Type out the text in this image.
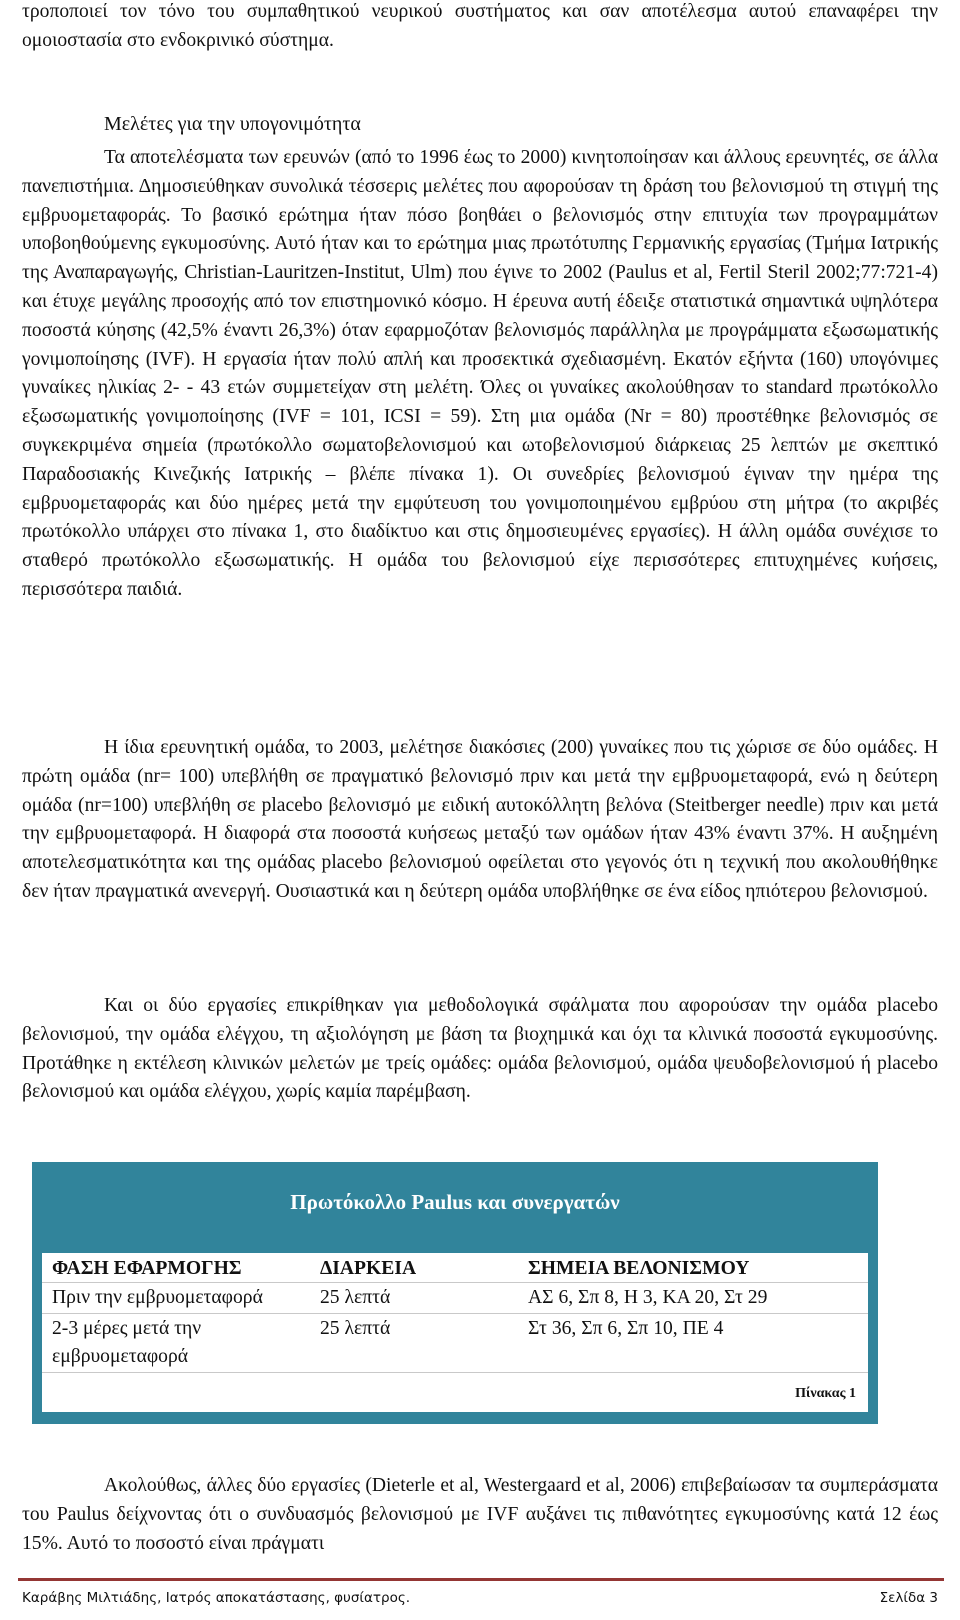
τροποποιεί τον τόνο του συμπαθητικού νευρικού συστήματος και σαν αποτέλεσμα αυτού επαναφέρει την ομοιοστασία στο ενδοκρινικό σύστημα.

Μελέτες για την υπογονιμότητα

Τα αποτελέσματα των ερευνών (από το 1996 έως το 2000) κινητοποίησαν και άλλους ερευνητές, σε άλλα πανεπιστήμια. Δημοσιεύθηκαν συνολικά τέσσερις μελέτες που αφορούσαν τη δράση του βελονισμού τη στιγμή της εμβρυομεταφοράς. Το βασικό ερώτημα ήταν πόσο βοηθάει ο βελονισμός στην επιτυχία των προγραμμάτων υποβοηθούμενης εγκυμοσύνης. Αυτό ήταν και το ερώτημα μιας πρωτότυπης Γερμανικής εργασίας (Τμήμα Ιατρικής της Αναπαραγωγής, Christian-Lauritzen-Institut, Ulm) που έγινε το 2002 (Paulus et al, Fertil Steril 2002;77:721-4) και έτυχε μεγάλης προσοχής από τον επιστημονικό κόσμο. Η έρευνα αυτή έδειξε στατιστικά σημαντικά υψηλότερα ποσοστά κύησης (42,5% έναντι 26,3%) όταν εφαρμοζόταν βελονισμός παράλληλα με προγράμματα εξωσωματικής γονιμοποίησης (IVF). Η εργασία ήταν πολύ απλή και προσεκτικά σχεδιασμένη. Εκατόν εξήντα (160) υπογόνιμες γυναίκες ηλικίας 2- - 43 ετών συμμετείχαν στη μελέτη. Όλες οι γυναίκες ακολούθησαν το standard πρωτόκολλο εξωσωματικής γονιμοποίησης (IVF = 101, ICSI = 59). Στη μια ομάδα (Nr = 80) προστέθηκε βελονισμός σε συγκεκριμένα σημεία (πρωτόκολλο σωματοβελονισμού και ωτοβελονισμού διάρκειας 25 λεπτών με σκεπτικό Παραδοσιακής Κινεζικής Ιατρικής – βλέπε πίνακα 1). Οι συνεδρίες βελονισμού έγιναν την ημέρα της εμβρυομεταφοράς και δύο ημέρες μετά την εμφύτευση του γονιμοποιημένου εμβρύου στη μήτρα (το ακριβές πρωτόκολλο υπάρχει στο πίνακα 1, στο διαδίκτυο και στις δημοσιευμένες εργασίες). Η άλλη ομάδα συνέχισε το σταθερό πρωτόκολλο εξωσωματικής. Η ομάδα του βελονισμού είχε περισσότερες επιτυχημένες κυήσεις, περισσότερα παιδιά.

Η ίδια ερευνητική ομάδα, το 2003, μελέτησε διακόσιες (200) γυναίκες που τις χώρισε σε δύο ομάδες. Η πρώτη ομάδα (nr= 100) υπεβλήθη σε πραγματικό βελονισμό πριν και μετά την εμβρυομεταφορά, ενώ η δεύτερη ομάδα (nr=100) υπεβλήθη σε placebo βελονισμό με ειδική αυτοκόλλητη βελόνα (Steitberger needle) πριν και μετά την εμβρυομεταφορά. Η διαφορά στα ποσοστά κυήσεως μεταξύ των ομάδων ήταν 43% έναντι 37%. Η αυξημένη αποτελεσματικότητα και της ομάδας placebo βελονισμού οφείλεται στο γεγονός ότι η τεχνική που ακολουθήθηκε δεν ήταν πραγματικά ανενεργή. Ουσιαστικά και η δεύτερη ομάδα υποβλήθηκε σε ένα είδος ηπιότερου βελονισμού.

Και οι δύο εργασίες επικρίθηκαν για μεθοδολογικά σφάλματα που αφορούσαν την ομάδα placebo βελονισμού, την ομάδα ελέγχου, τη αξιολόγηση με βάση τα βιοχημικά και όχι τα κλινικά ποσοστά εγκυμοσύνης. Προτάθηκε η εκτέλεση κλινικών μελετών με τρείς ομάδες: ομάδα βελονισμού, ομάδα ψευδοβελονισμού ή placebo βελονισμού και ομάδα ελέγχου, χωρίς καμία παρέμβαση.

Πρωτόκολλο Paulus και συνεργατών
ΦΑΣΗ ΕΦΑΡΜΟΓΗΣ	ΔΙΑΡΚΕΙΑ	ΣΗΜΕΙΑ ΒΕΛΟΝΙΣΜΟΥ
Πριν την εμβρυομεταφορά	25 λεπτά	ΑΣ 6, Σπ 8, Η 3, ΚΑ 20, Στ 29
2-3 μέρες μετά την εμβρυομεταφορά	25 λεπτά	Στ 36, Σπ 6, Σπ 10, ΠΕ 4
Πίνακας 1		

Ακολούθως, άλλες δύο εργασίες (Dieterle et al, Westergaard et al, 2006) επιβεβαίωσαν τα συμπεράσματα του Paulus δείχνοντας ότι ο συνδυασμός βελονισμού με IVF αυξάνει τις πιθανότητες εγκυμοσύνης κατά 12 έως 15%. Αυτό το ποσοστό είναι πράγματι

Καράβης Μιλτιάδης, Ιατρός αποκατάστασης, φυσίατρος.	Σελίδα 3
